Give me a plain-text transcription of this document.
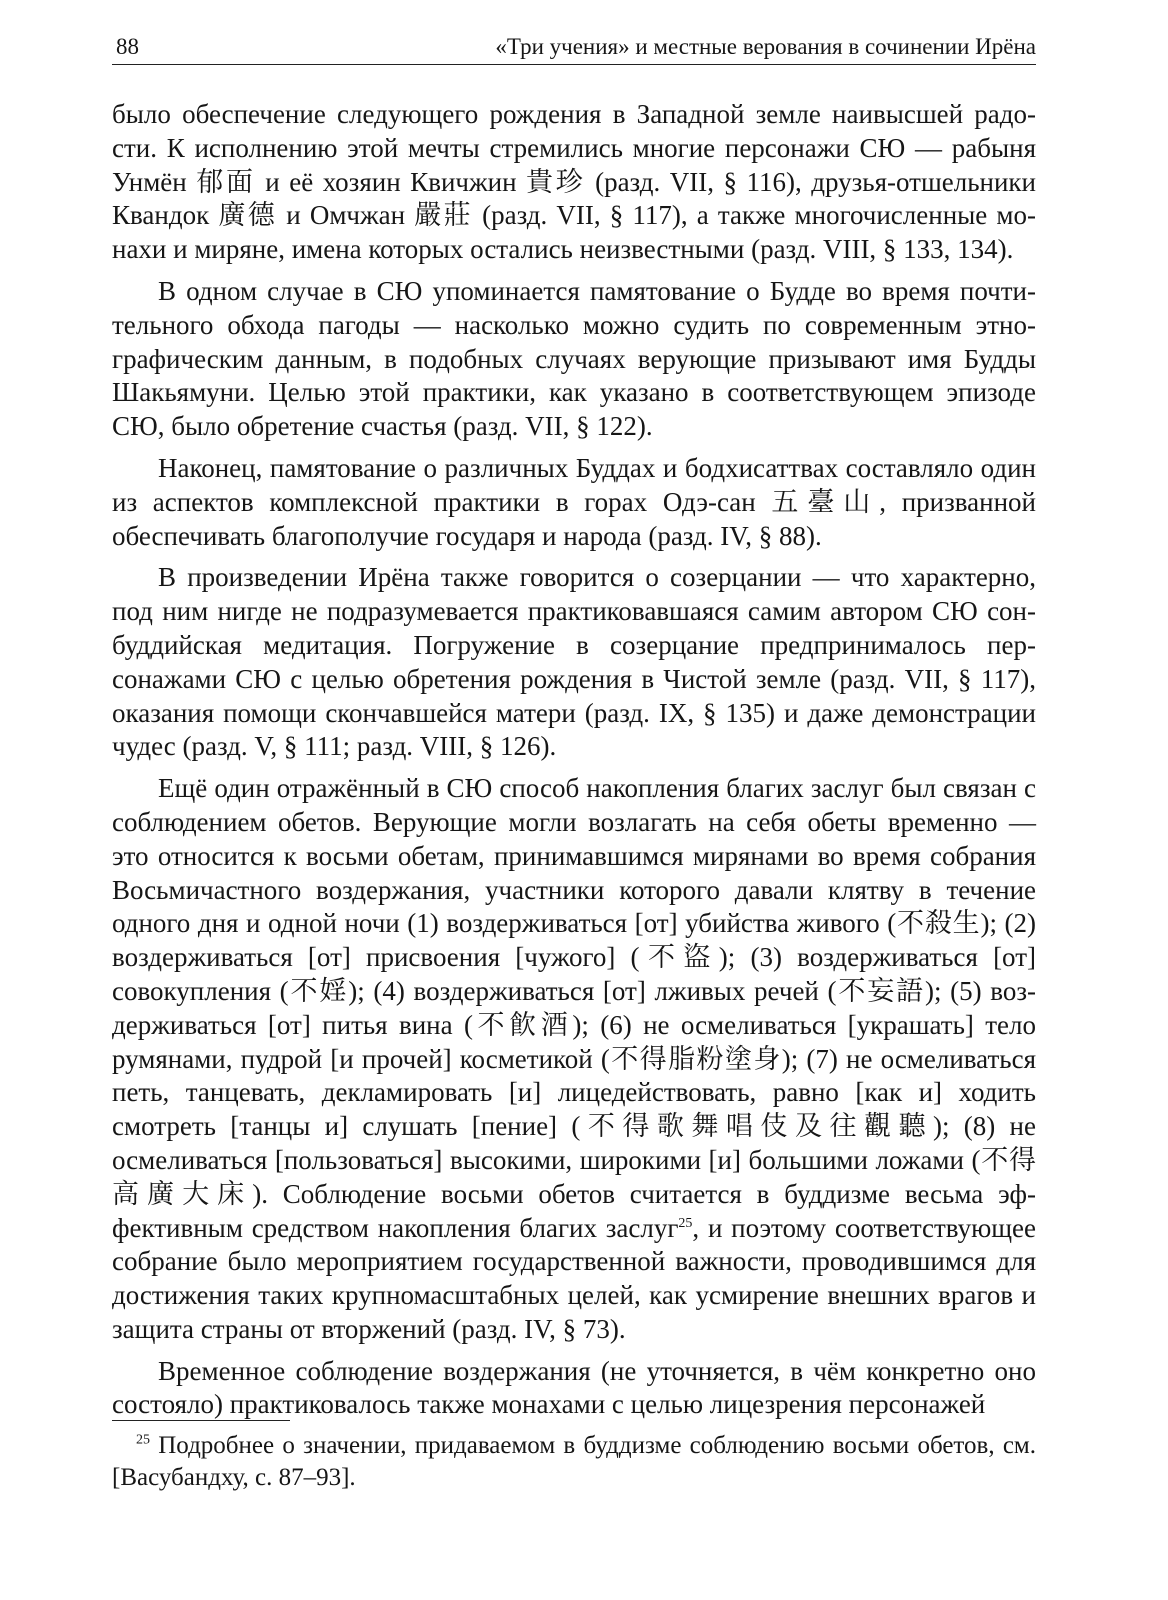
88	«Три учения» и местные верования в сочинении Ирёна

было обеспечение следующего рождения в Западной земле наивысшей радости. К исполнению этой мечты стремились многие персонажи СЮ — рабыня Унмён 郁面 и её хозяин Квичжин 貴珍 (разд. VII, § 116), друзья-отшельники Квандок 廣德 и Омчжан 嚴莊 (разд. VII, § 117), а также многочисленные монахи и миряне, имена которых остались неизвестными (разд. VIII, § 133, 134).

В одном случае в СЮ упоминается памятование о Будде во время почтительного обхода пагоды — насколько можно судить по современным этнографическим данным, в подобных случаях верующие призывают имя Будды Шакьямуни. Целью этой практики, как указано в соответствующем эпизоде СЮ, было обретение счастья (разд. VII, § 122).

Наконец, памятование о различных Буддах и бодхисаттвах составляло один из аспектов комплексной практики в горах Одэ-сан 五臺山, призванной обеспечивать благополучие государя и народа (разд. IV, § 88).

В произведении Ирёна также говорится о созерцании — что характерно, под ним нигде не подразумевается практиковавшаяся самим автором СЮ сон-буддийская медитация. Погружение в созерцание предпринималось персонажами СЮ с целью обретения рождения в Чистой земле (разд. VII, § 117), оказания помощи скончавшейся матери (разд. IX, § 135) и даже демонстрации чудес (разд. V, § 111; разд. VIII, § 126).

Ещё один отражённый в СЮ способ накопления благих заслуг был связан с соблюдением обетов. Верующие могли возлагать на себя обеты временно — это относится к восьми обетам, принимавшимся мирянами во время собрания Восьмичастного воздержания, участники которого давали клятву в течение одного дня и одной ночи (1) воздерживаться [от] убийства живого (不殺生); (2) воздерживаться [от] присвоения [чужого] (不盜); (3) воздерживаться [от] совокупления (不婬); (4) воздерживаться [от] лживых речей (不妄語); (5) воздерживаться [от] питья вина (不飮酒); (6) не осмеливаться [украшать] тело румянами, пудрой [и прочей] косметикой (不得脂粉塗身); (7) не осмеливаться петь, танцевать, декламировать [и] лицедействовать, равно [как и] ходить смотреть [танцы и] слушать [пение] (不得歌舞唱伎及往觀聽); (8) не осмеливаться [пользоваться] высокими, широкими [и] большими ложами (不得高廣大床). Соблюдение восьми обетов считается в буддизме весьма эффективным средством накопления благих заслуг$^{25}$, и поэтому соответствующее собрание было мероприятием государственной важности, проводившимся для достижения таких крупномасштабных целей, как усмирение внешних врагов и защита страны от вторжений (разд. IV, § 73).

Временное соблюдение воздержания (не уточняется, в чём конкретно оно состояло) практиковалось также монахами с целью лицезрения персонажей

$^{25}$ Подробнее о значении, придаваемом в буддизме соблюдению восьми обетов, см. [Васубандху, с. 87–93].
